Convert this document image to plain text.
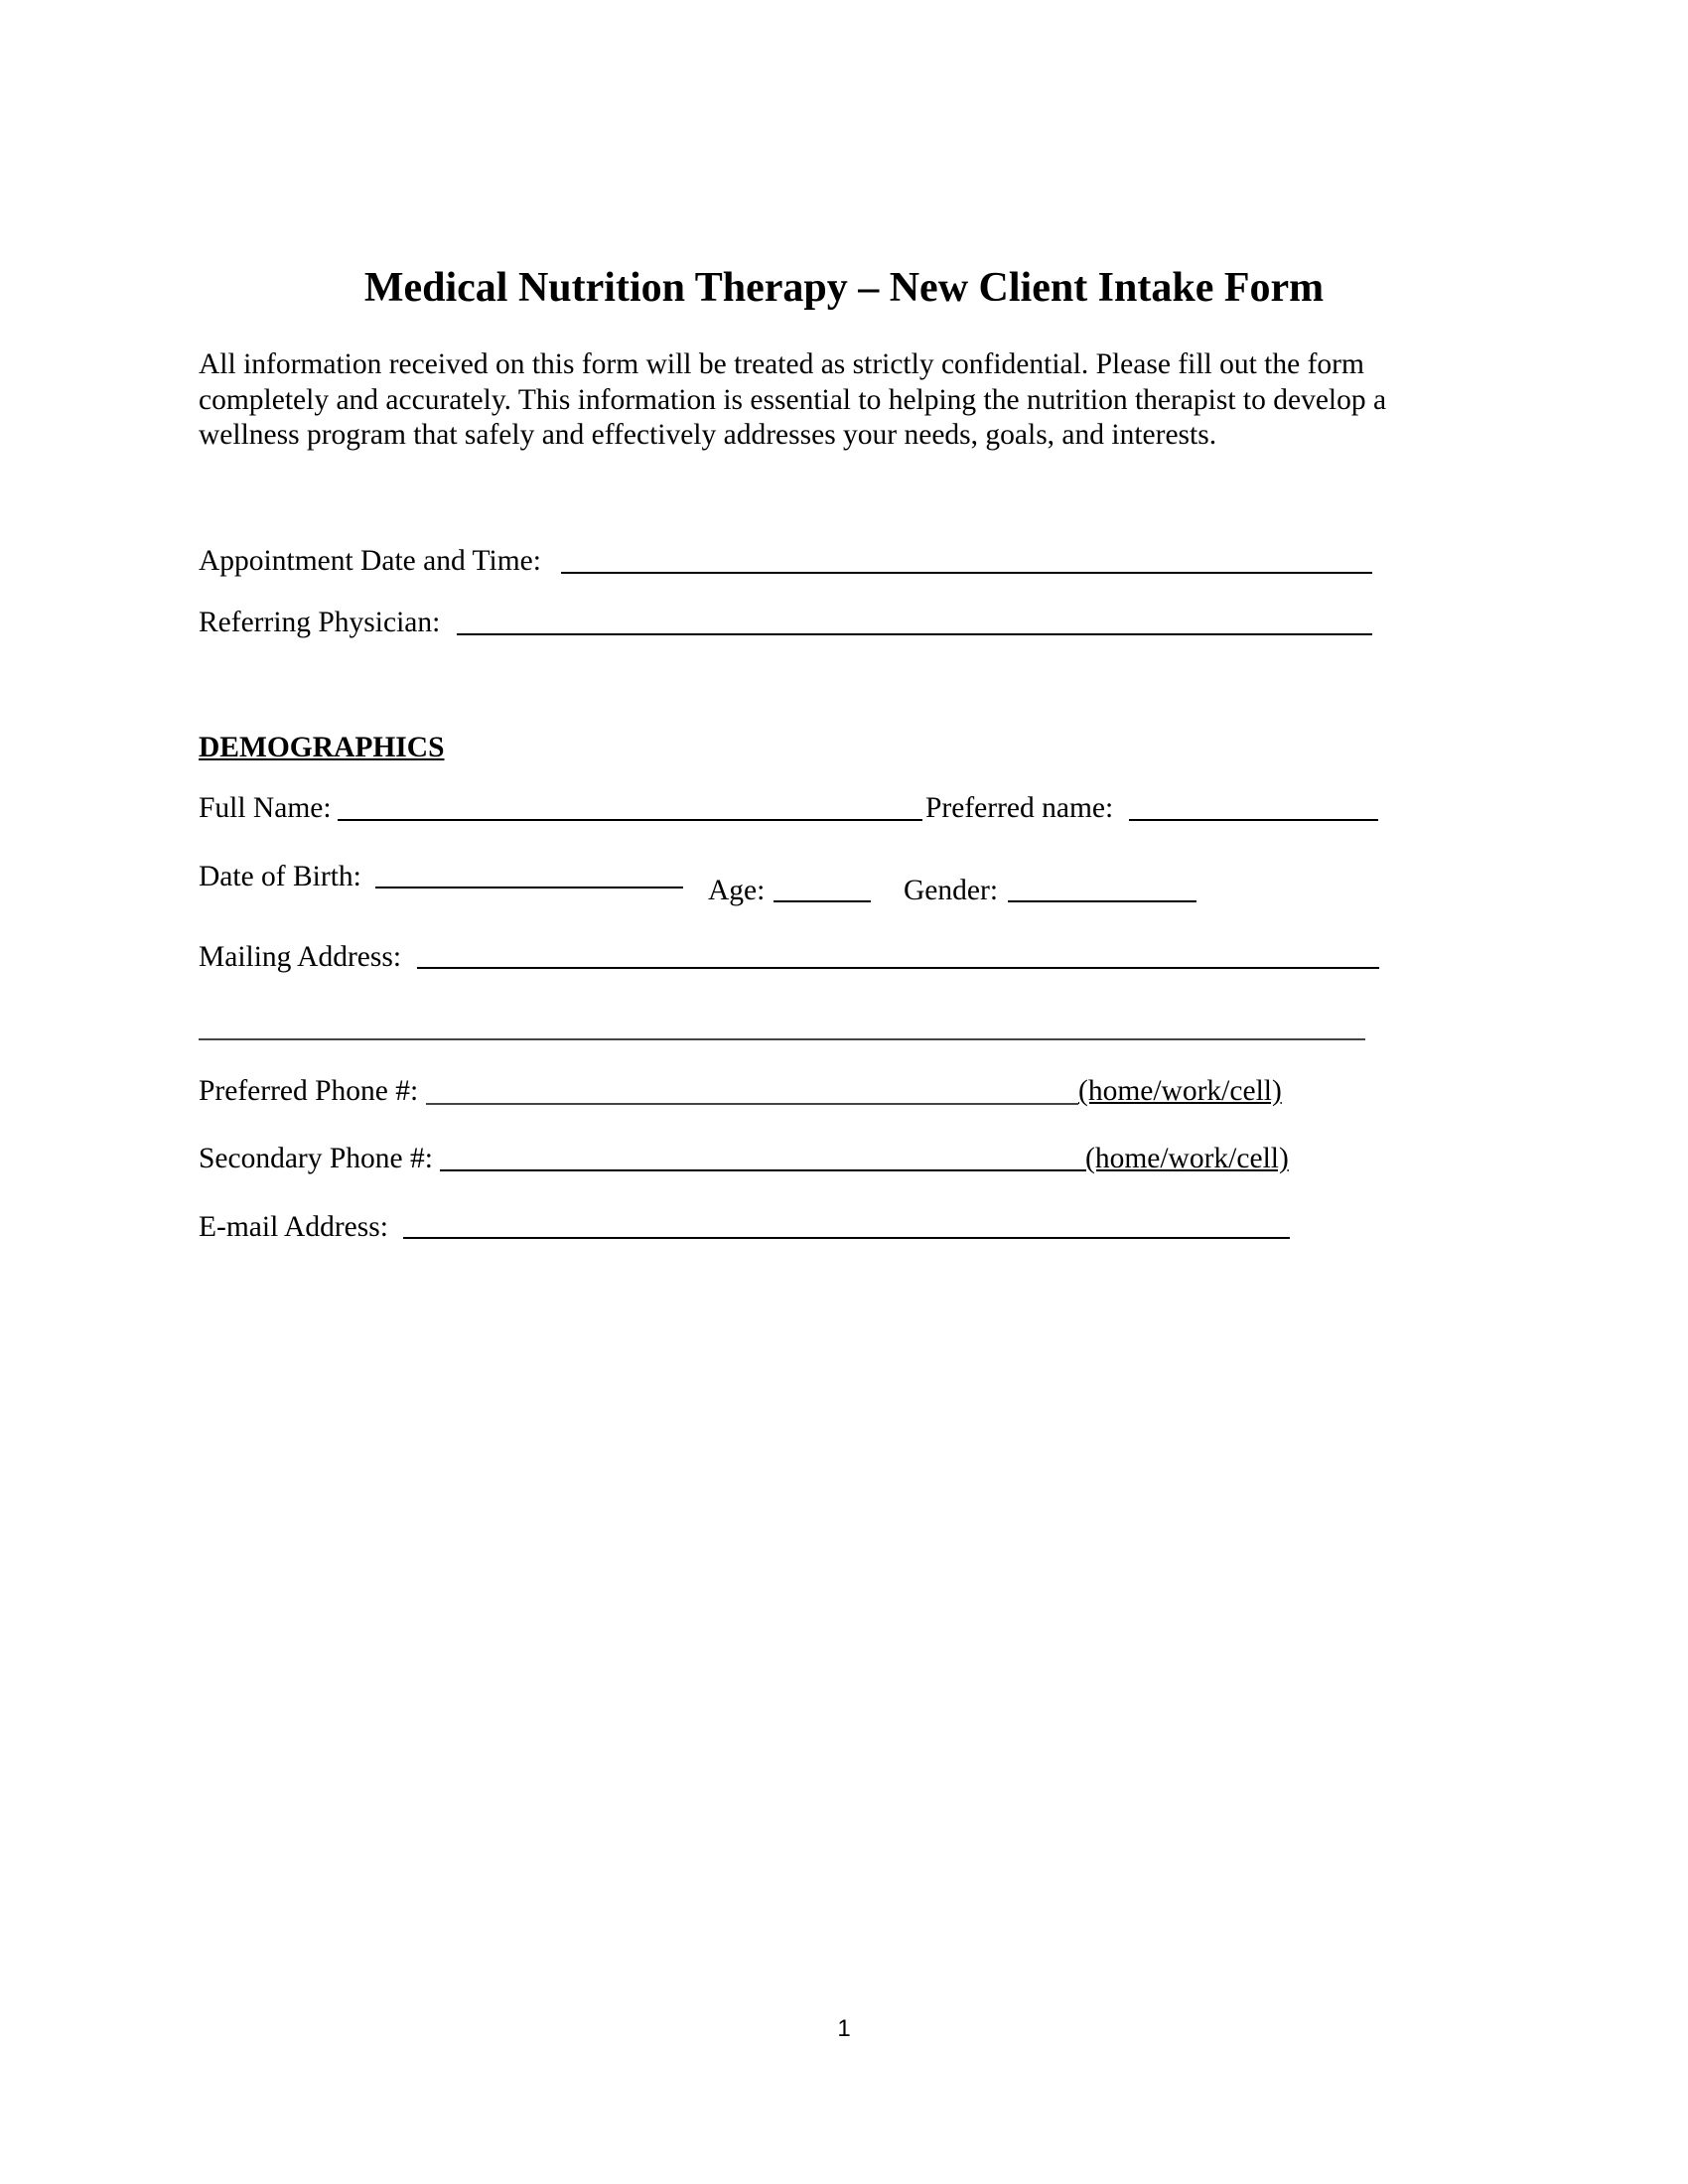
Medical Nutrition Therapy – New Client Intake Form
All information received on this form will be treated as strictly confidential. Please fill out the form completely and accurately. This information is essential to helping the nutrition therapist to develop a wellness program that safely and effectively addresses your needs, goals, and interests.
Appointment Date and Time:
Referring Physician:
DEMOGRAPHICS
Full Name:	Preferred name:
Date of Birth:	Age:	Gender:
Mailing Address:
Preferred Phone #:	(home/work/cell)
Secondary Phone #:	(home/work/cell)
E-mail Address:
1
